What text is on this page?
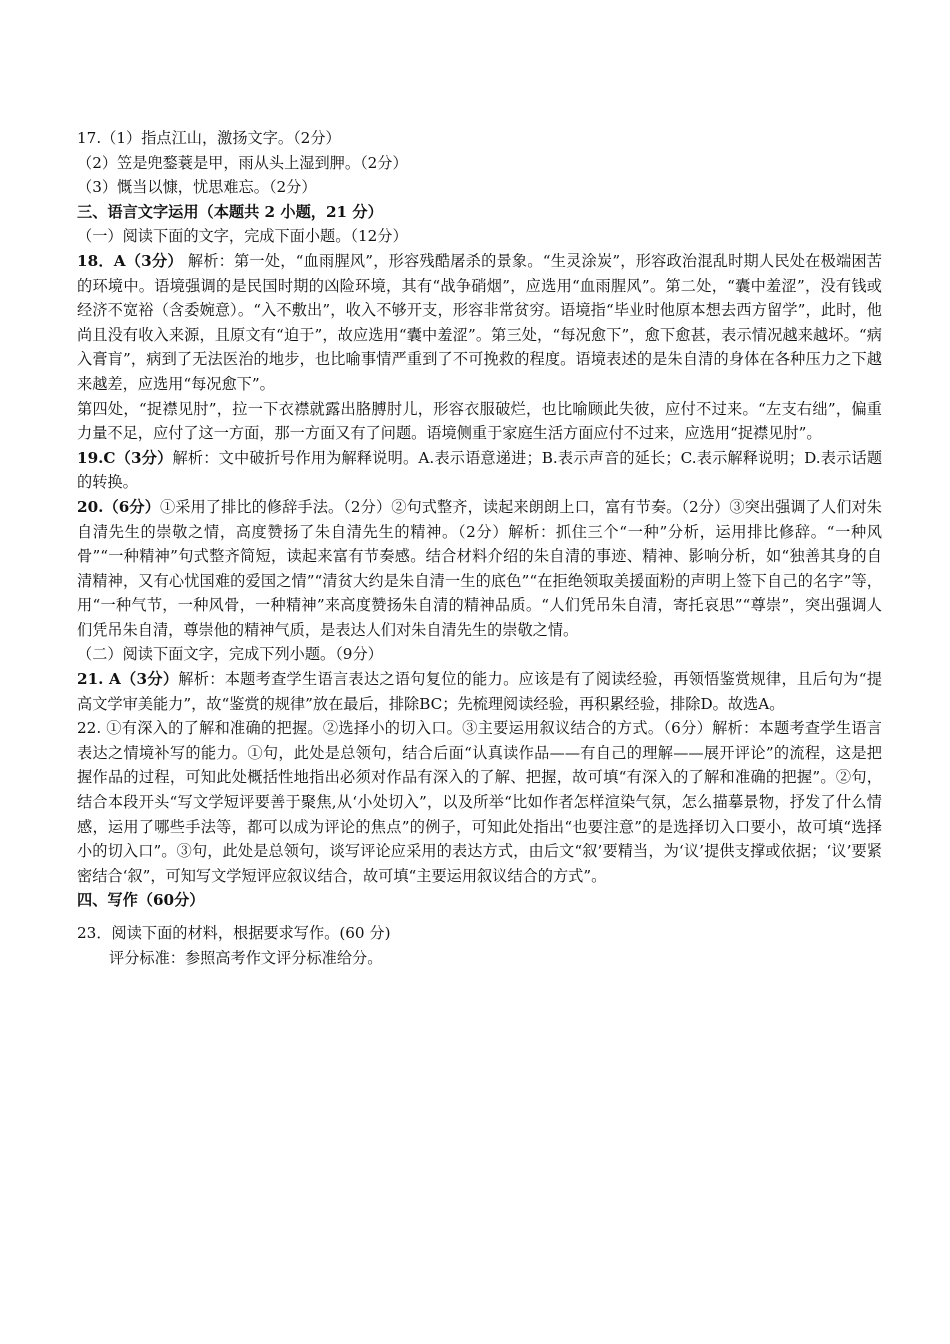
17.（1）指点江山，激扬文字。（2分）

（2）笠是兜鍪蓑是甲，雨从头上湿到胛。（2分）

（3）慨当以慷，忧思难忘。（2分）

三、语言文字运用（本题共 2 小题，21 分）

（一）阅读下面的文字，完成下面小题。（12分）

18．A（3分） 解析：第一处，“血雨腥风”，形容残酷屠杀的景象。“生灵涂炭”，形容政治混乱时期人民处在极端困苦的环境中。语境强调的是民国时期的凶险环境，其有“战争硝烟”，应选用“血雨腥风”。第二处，“囊中羞涩”，没有钱或经济不宽裕（含委婉意）。“入不敷出”，收入不够开支，形容非常贫穷。语境指“毕业时他原本想去西方留学”，此时，他尚且没有收入来源，且原文有“迫于”，故应选用“囊中羞涩”。第三处，“每况愈下”，愈下愈甚，表示情况越来越坏。“病入膏肓”，病到了无法医治的地步，也比喻事情严重到了不可挽救的程度。语境表述的是朱自清的身体在各种压力之下越来越差，应选用“每况愈下”。

第四处，“捉襟见肘”，拉一下衣襟就露出胳膊肘儿，形容衣服破烂，也比喻顾此失彼，应付不过来。“左支右绌”，偏重力量不足，应付了这一方面，那一方面又有了问题。语境侧重于家庭生活方面应付不过来，应选用“捉襟见肘”。

19.C（3分）解析：文中破折号作用为解释说明。A.表示语意递进；B.表示声音的延长；C.表示解释说明；D.表示话题的转换。

20.（6分）①采用了排比的修辞手法。（2分）②句式整齐，读起来朗朗上口，富有节奏。（2分）③突出强调了人们对朱自清先生的崇敬之情，高度赞扬了朱自清先生的精神。（2分）解析：抓住三个“一种”分析，运用排比修辞。“一种风骨”“一种精神”句式整齐简短，读起来富有节奏感。结合材料介绍的朱自清的事迹、精神、影响分析，如“独善其身的自清精神，又有心忧国难的爱国之情”“清贫大约是朱自清一生的底色”“在拒绝领取美援面粉的声明上签下自己的名字”等，用“一种气节，一种风骨，一种精神”来高度赞扬朱自清的精神品质。“人们凭吊朱自清，寄托哀思”“尊崇”，突出强调人们凭吊朱自清，尊崇他的精神气质，是表达人们对朱自清先生的崇敬之情。

（二）阅读下面文字，完成下列小题。（9分）

21. A（3分）解析：本题考查学生语言表达之语句复位的能力。应该是有了阅读经验，再领悟鉴赏规律，且后句为“提高文学审美能力”，故“鉴赏的规律”放在最后，排除BC；先梳理阅读经验，再积累经验，排除D。故选A。

22. ①有深入的了解和准确的把握。②选择小的切入口。③主要运用叙议结合的方式。（6分）解析：本题考查学生语言表达之情境补写的能力。①句，此处是总领句，结合后面“认真读作品——有自己的理解——展开评论”的流程，这是把握作品的过程，可知此处概括性地指出必须对作品有深入的了解、把握，故可填“有深入的了解和准确的把握”。②句，结合本段开头“写文学短评要善于聚焦,从‘小处切入”，以及所举“比如作者怎样渲染气氛，怎么描摹景物，抒发了什么情感，运用了哪些手法等，都可以成为评论的焦点”的例子，可知此处指出“也要注意”的是选择切入口要小，故可填“选择小的切入口”。③句，此处是总领句，谈写评论应采用的表达方式，由后文“叙’要精当，为‘议’提供支撑或依据；‘议’要紧密结合‘叙”，可知写文学短评应叙议结合，故可填“主要运用叙议结合的方式”。

四、写作（60分）

23．阅读下面的材料，根据要求写作。(60 分)

评分标准：参照高考作文评分标准给分。
